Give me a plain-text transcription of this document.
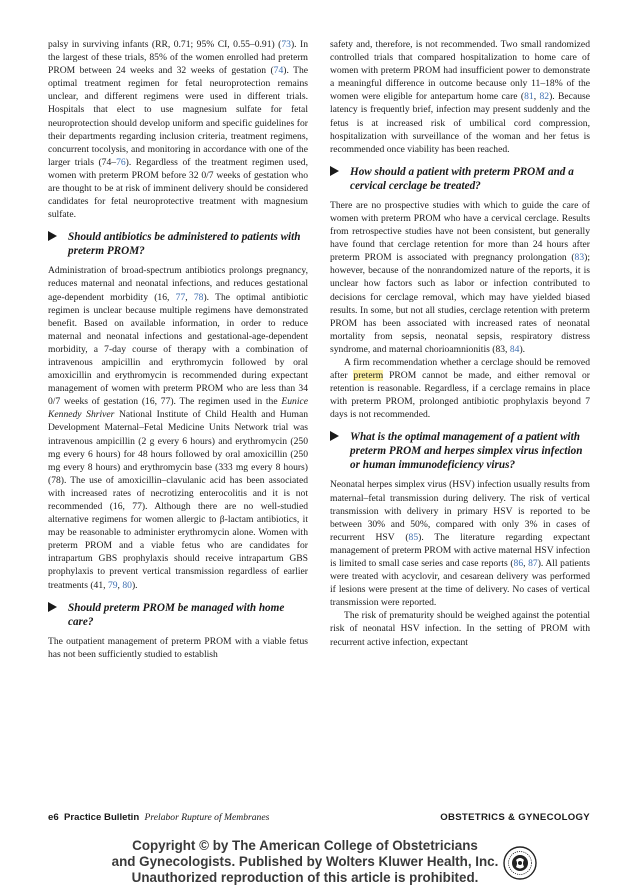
palsy in surviving infants (RR, 0.71; 95% CI, 0.55–0.91) (73). In the largest of these trials, 85% of the women enrolled had preterm PROM between 24 weeks and 32 weeks of gestation (74). The optimal treatment regimen for fetal neuroprotection remains unclear, and different regimens were used in different trials. Hospitals that elect to use magnesium sulfate for fetal neuroprotection should develop uniform and specific guidelines for their departments regarding inclusion criteria, treatment regimens, concurrent tocolysis, and monitoring in accordance with one of the larger trials (74–76). Regardless of the treatment regimen used, women with preterm PROM before 32 0/7 weeks of gestation who are thought to be at risk of imminent delivery should be considered candidates for fetal neuroprotective treatment with magnesium sulfate.

Should antibiotics be administered to patients with preterm PROM?

Administration of broad-spectrum antibiotics prolongs pregnancy, reduces maternal and neonatal infections, and reduces gestational age-dependent morbidity (16, 77, 78). The optimal antibiotic regimen is unclear because multiple regimens have demonstrated benefit. Based on available information, in order to reduce maternal and neonatal infections and gestational-age-dependent morbidity, a 7-day course of therapy with a combination of intravenous ampicillin and erythromycin followed by oral amoxicillin and erythromycin is recommended during expectant management of women with preterm PROM who are less than 34 0/7 weeks of gestation (16, 77). The regimen used in the Eunice Kennedy Shriver National Institute of Child Health and Human Development Maternal–Fetal Medicine Units Network trial was intravenous ampicillin (2 g every 6 hours) and erythromycin (250 mg every 6 hours) for 48 hours followed by oral amoxicillin (250 mg every 8 hours) and erythromycin base (333 mg every 8 hours) (78). The use of amoxicillin–clavulanic acid has been associated with increased rates of necrotizing enterocolitis and it is not recommended (16, 77). Although there are no well-studied alternative regimens for women allergic to β-lactam antibiotics, it may be reasonable to administer erythromycin alone. Women with preterm PROM and a viable fetus who are candidates for intrapartum GBS prophylaxis should receive intrapartum GBS prophylaxis to prevent vertical transmission regardless of earlier treatments (41, 79, 80).

Should preterm PROM be managed with home care?

The outpatient management of preterm PROM with a viable fetus has not been sufficiently studied to establish

safety and, therefore, is not recommended. Two small randomized controlled trials that compared hospitalization to home care of women with preterm PROM had insufficient power to demonstrate a meaningful difference in outcome because only 11–18% of the women were eligible for antepartum home care (81, 82). Because latency is frequently brief, infection may present suddenly and the fetus is at increased risk of umbilical cord compression, hospitalization with surveillance of the woman and her fetus is recommended once viability has been reached.

How should a patient with preterm PROM and a cervical cerclage be treated?

There are no prospective studies with which to guide the care of women with preterm PROM who have a cervical cerclage. Results from retrospective studies have not been consistent, but generally have found that cerclage retention for more than 24 hours after preterm PROM is associated with pregnancy prolongation (83); however, because of the nonrandomized nature of the reports, it is unclear how factors such as labor or infection contributed to decisions for cerclage removal, which may have yielded biased results. In some, but not all studies, cerclage retention with preterm PROM has been associated with increased rates of neonatal mortality from sepsis, neonatal sepsis, respiratory distress syndrome, and maternal chorioamnionitis (83, 84).

A firm recommendation whether a cerclage should be removed after preterm PROM cannot be made, and either removal or retention is reasonable. Regardless, if a cerclage remains in place with preterm PROM, prolonged antibiotic prophylaxis beyond 7 days is not recommended.

What is the optimal management of a patient with preterm PROM and herpes simplex virus infection or human immunodeficiency virus?

Neonatal herpes simplex virus (HSV) infection usually results from maternal–fetal transmission during delivery. The risk of vertical transmission with delivery in primary HSV is reported to be between 30% and 50%, compared with only 3% in cases of recurrent HSV (85). The literature regarding expectant management of preterm PROM with active maternal HSV infection is limited to small case series and case reports (86, 87). All patients were treated with acyclovir, and cesarean delivery was performed if lesions were present at the time of delivery. No cases of vertical transmission were reported.

The risk of prematurity should be weighed against the potential risk of neonatal HSV infection. In the setting of PROM with recurrent active infection, expectant

e6 Practice Bulletin Prelabor Rupture of Membranes	OBSTETRICS & GYNECOLOGY
Copyright © by The American College of Obstetricians
and Gynecologists. Published by Wolters Kluwer Health, Inc.
Unauthorized reproduction of this article is prohibited.
